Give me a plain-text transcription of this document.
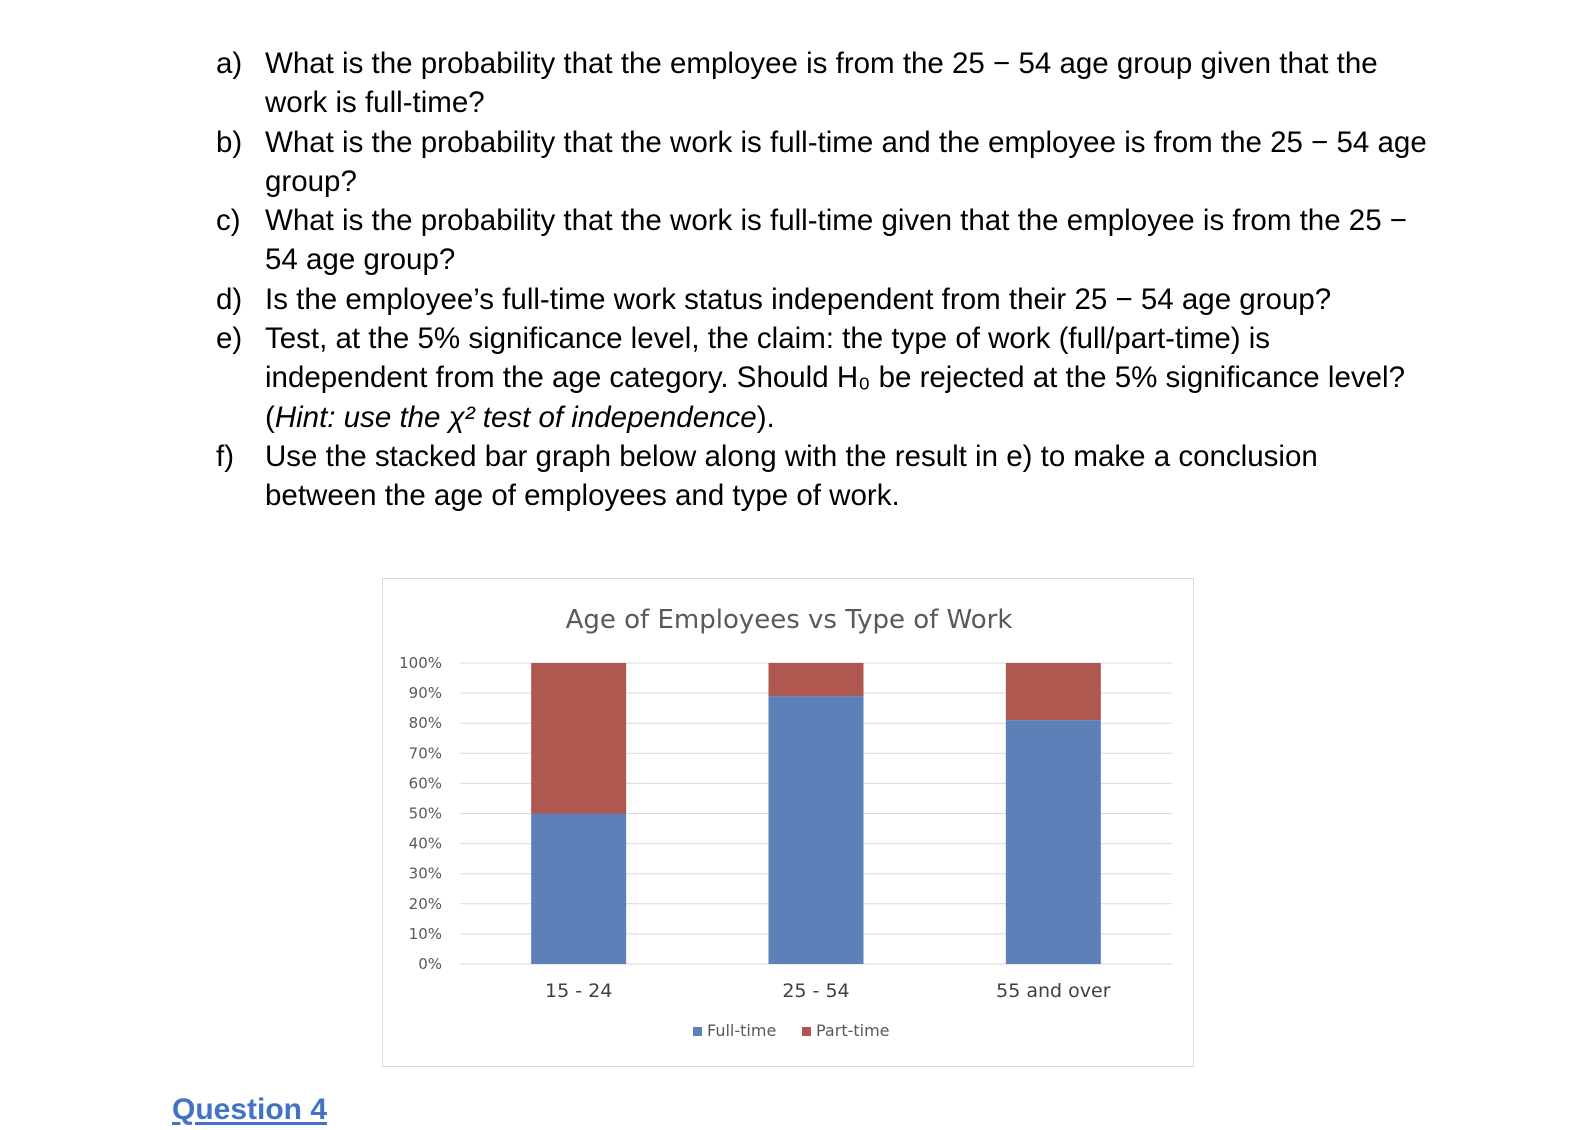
a) What is the probability that the employee is from the 25 − 54 age group given that the work is full-time?

b) What is the probability that the work is full-time and the employee is from the 25 − 54 age group?

c) What is the probability that the work is full-time given that the employee is from the 25 − 54 age group?

d) Is the employee’s full-time work status independent from their 25 − 54 age group?

e) Test, at the 5% significance level, the claim: the type of work (full/part-time) is independent from the age category. Should H₀ be rejected at the 5% significance level? (Hint: use the χ² test of independence).

f)	Use the stacked bar graph below along with the result in e) to make a conclusion between the age of employees and type of work.

Age of Employees vs Type of Work
0%
10%
20%
30%
40%
50%
60%
70%
80%
90%
100%
15 - 24	25 - 54	55 and over
Full-time Part-time
Question 4
